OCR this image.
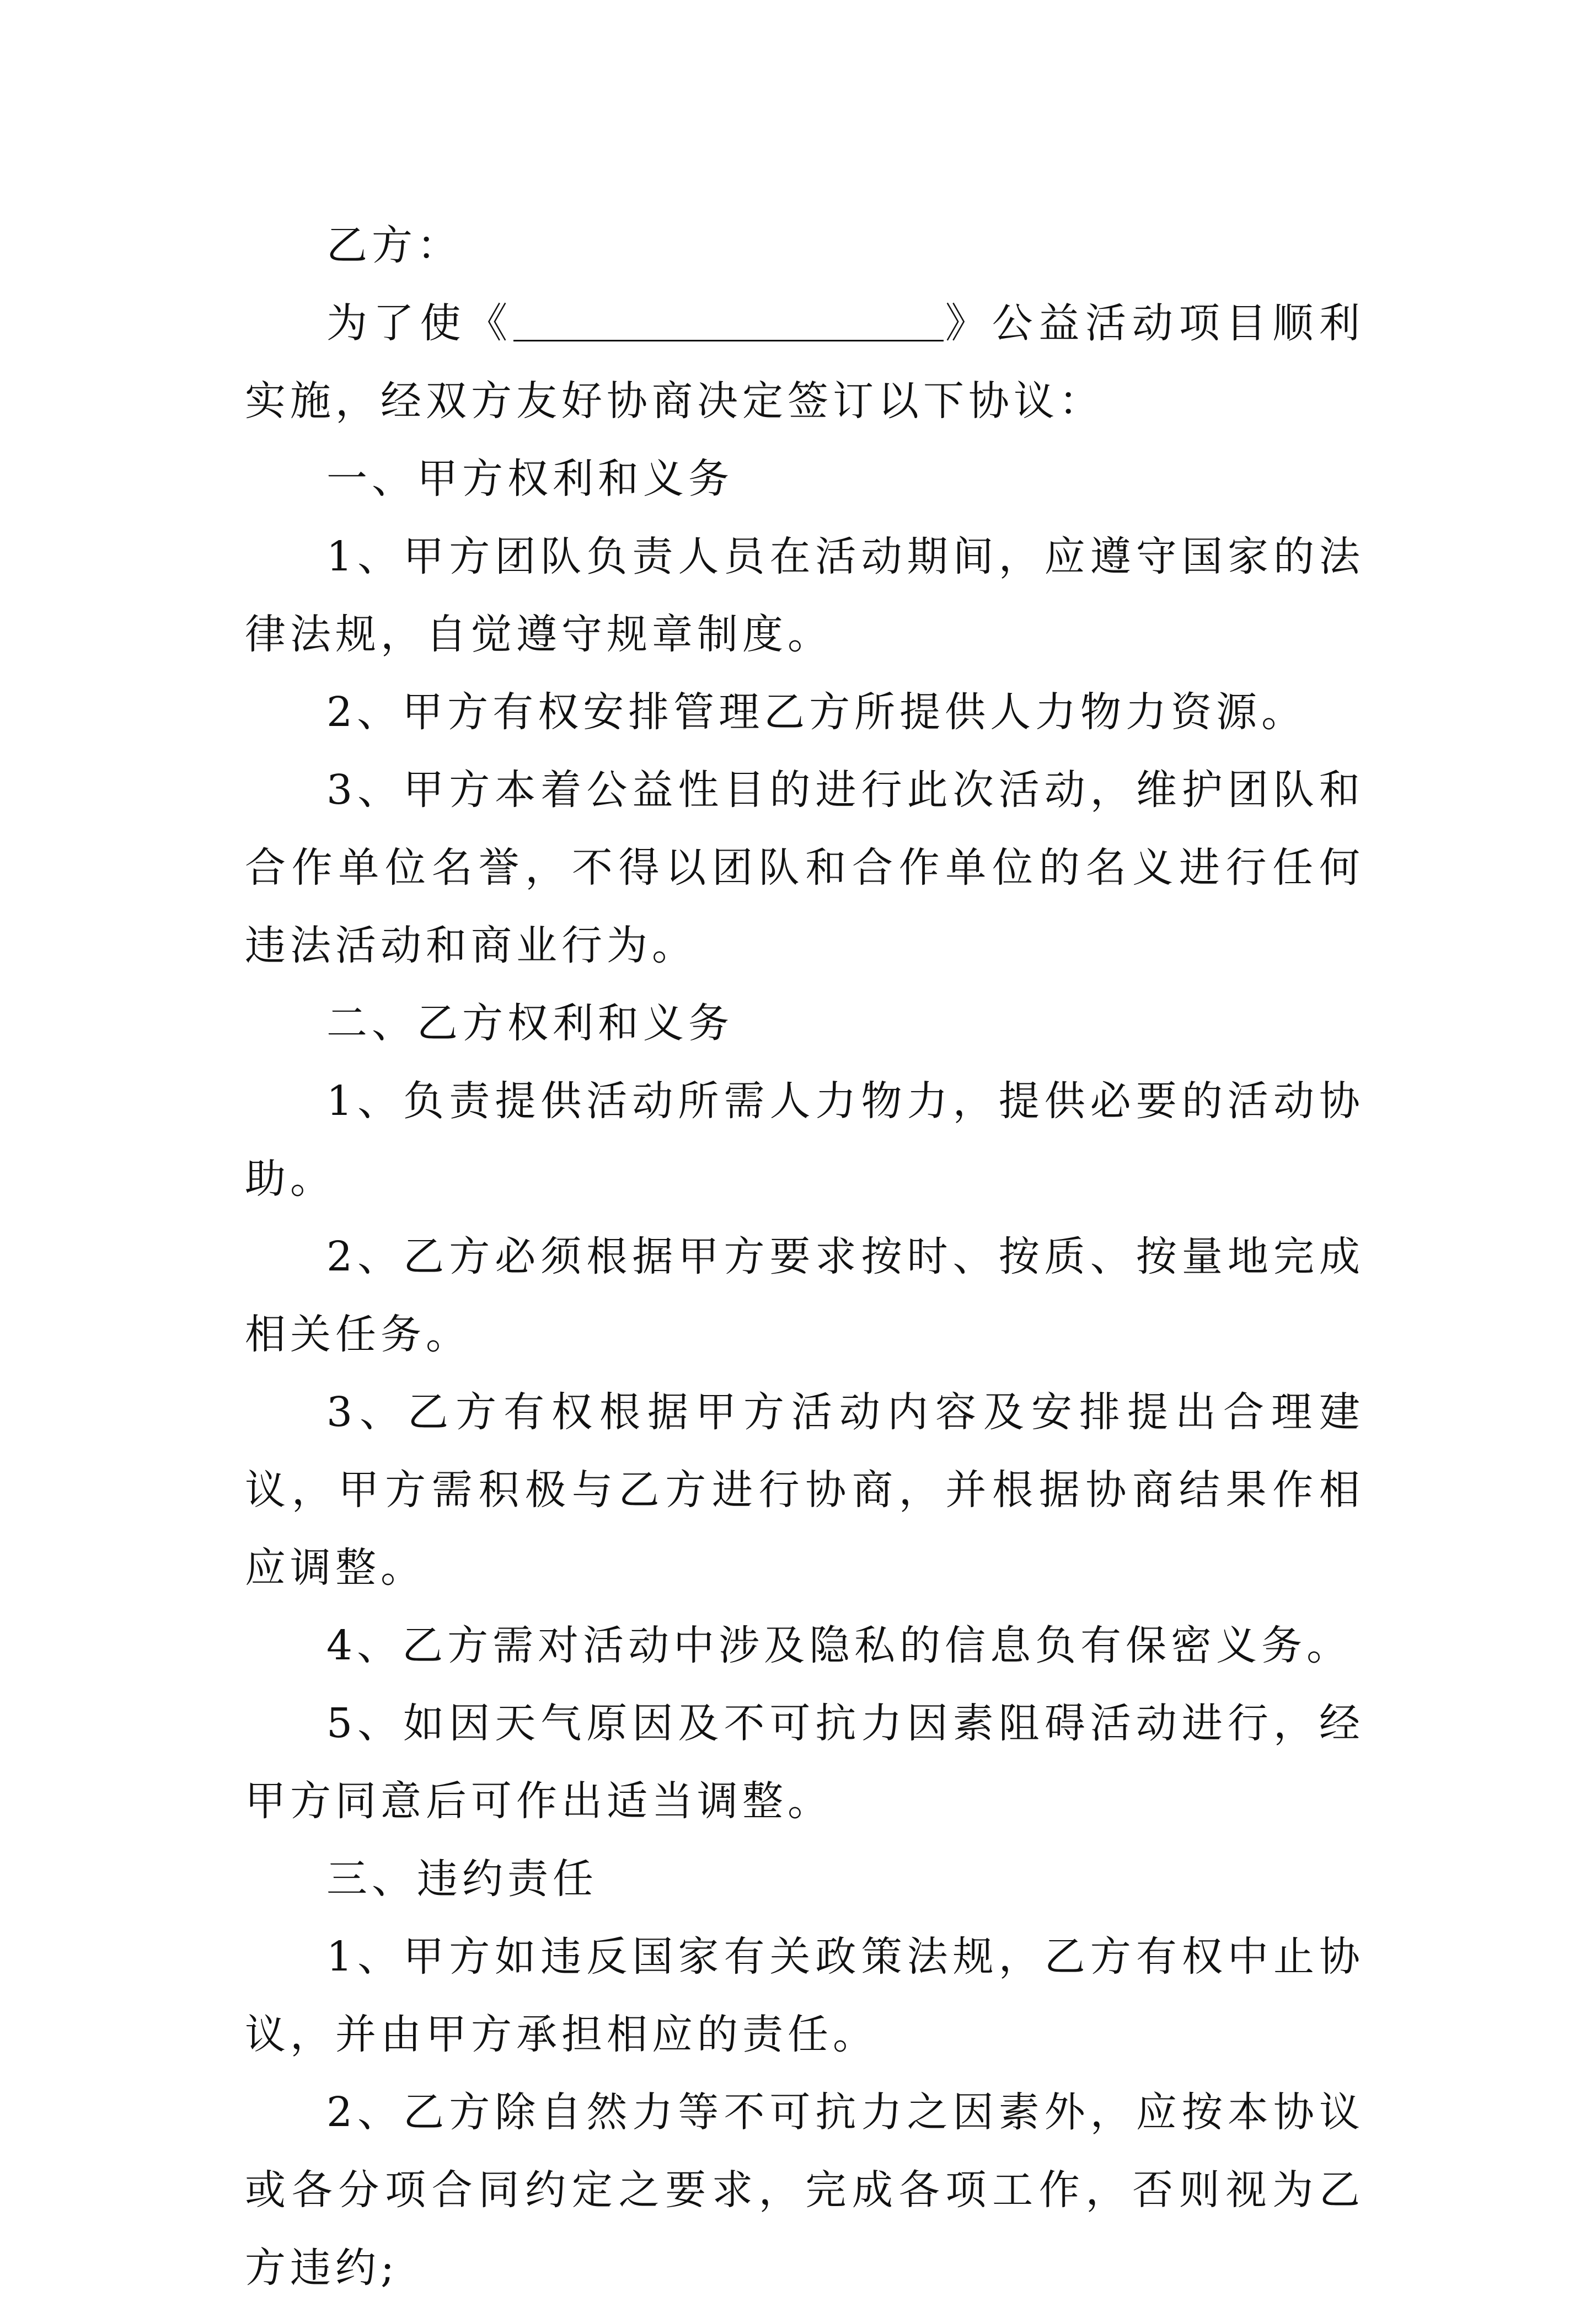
乙方：

为了使《	》公益活动项目顺利实施，经双方友好协商决定签订以下协议：

一、甲方权利和义务

1、甲方团队负责人员在活动期间，应遵守国家的法律法规，自觉遵守规章制度。

2、甲方有权安排管理乙方所提供人力物力资源。

3、甲方本着公益性目的进行此次活动，维护团队和合作单位名誉，不得以团队和合作单位的名义进行任何违法活动和商业行为。

二、乙方权利和义务

1、负责提供活动所需人力物力，提供必要的活动协助。

2、乙方必须根据甲方要求按时、按质、按量地完成相关任务。

3、乙方有权根据甲方活动内容及安排提出合理建议，甲方需积极与乙方进行协商，并根据协商结果作相应调整。

4、乙方需对活动中涉及隐私的信息负有保密义务。

5、如因天气原因及不可抗力因素阻碍活动进行，经甲方同意后可作出适当调整。

三、违约责任

1、甲方如违反国家有关政策法规，乙方有权中止协议，并由甲方承担相应的责任。

2、乙方除自然力等不可抗力之因素外，应按本协议或各分项合同约定之要求，完成各项工作，否则视为乙方违约;
